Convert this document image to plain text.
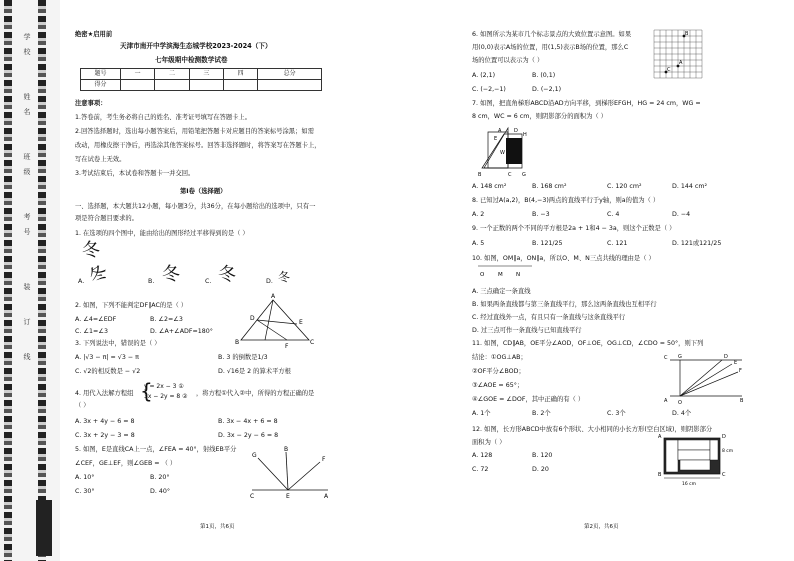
学
校
姓
名
班
级
考
号
装
订
线
绝密★启用前
天津市南开中学滨海生态城学校2023-2024（下）
七年级期中检测数学试卷
题号	一	二	三	四	总分
得分					
注意事项：
1.答卷前，考生务必将自己的姓名、准考证号填写在答题卡上。
2.回答选择题时，选出每小题答案后，用铅笔把答题卡对应题目的答案标号涂黑；如需
改动，用橡皮擦干净后，再选涂其他答案标号。回答非选择题时，将答案写在答题卡上，
写在试卷上无效。
3.考试结束后，本试卷和答题卡一并交回。
第Ⅰ卷（选择题）
一、选择题，本大题共12小题，每小题3分，共36分，在每小题给出的选项中，只有一
项是符合题目要求的。
1. 在选项的四个图中，能由给出的图形经过平移得到的是（ ）
冬
A. 冬	B. 冬	C. 冬	D. 冬
2. 如图，下列不能判定DF∥AC的是（ ）
A. ∠4=∠EDF	B. ∠2=∠3
C. ∠1=∠3	D. ∠A+∠ADF=180°
A
B	C
D
E
F
3. 下列说法中，错误的是（ ）
A. |√3 − π| = √3 − π	B. 3 的倒数是1/3
C. √2的相反数是 − √2	D. √16是 2 的算术平方根
4. 用代入法解方程组
y = 2x − 3 ①
3x − 2y = 8 ②
{	，将方程①代入②中，所得的方程正确的是
（ ）
A. 3x + 4y − 6 = 8	B. 3x − 4x + 6 = 8
C. 3x + 2y − 3 = 8	D. 3x − 2y − 6 = 8
5. 如图，E是直线CA上一点，∠FEA = 40°，射线EB平分
∠CEF，GE⊥EF，则∠GEB = （ ）
A. 10°	B. 20°
C. 30°	D. 40°
G
B
F
C	E	A
第1页，共6页
6. 如图所示为某市几个标志景点的大致位置示意图。如果
用(0,0)表示A场的位置，用(1,5)表示B场的位置，那么C
场的位置可以表示为（ ）
A. (2,1)	B. (0,1)
C. (−2,−1)	D. (−2,1)
A
B
C
7. 如图，把直角梯形ABCD沿AD方向平移，到梯形EFGH，HG = 24 cm，WG =
8 cm，WC = 6 cm，则阴影部分的面积为（ ）
A	D
H
E
W
B	C G
A. 148 cm²	B. 168 cm²	C. 120 cm²	D. 144 cm²
8. 已知过A(a,2)，B(4,−3)两点的直线平行于y轴，则a的值为（ ）
A. 2	B. −3	C. 4	D. −4
9. 一个正数的两个不同的平方根是2a + 1和4 − 3a，则这个正数是（ ）
A. 5	B. 121/25	C. 121	D. 121或121/25
10. 如图，OM∥a，ON∥a，所以O、M、N三点共线的理由是（ ）
O M N
A. 三点确定一条直线
B. 如果两条直线都与第三条直线平行，那么这两条直线也互相平行
C. 经过直线外一点，有且只有一条直线与这条直线平行
D. 过三点可作一条直线与已知直线平行
11. 如图，CD∥AB，OE平分∠AOD，OF⊥OE，OG⊥CD，∠CDO = 50°，则下列
结论：①OG⊥AB；
②OF平分∠BOD；
③∠AOE = 65°；
④∠GOE = ∠DOF，其中正确的有（ ）
A. 1个	B. 2个	C. 3个	D. 4个
C	D
G
E
F
A O	B
12. 如图，长方形ABCD中放有6个形状、大小相同的小长方形(空白区域)，则阴影部分
面积为（ ）
A. 128	B. 120
C. 72	D. 20
A	D
B	C
8 cm
16 cm
第2页，共6页
